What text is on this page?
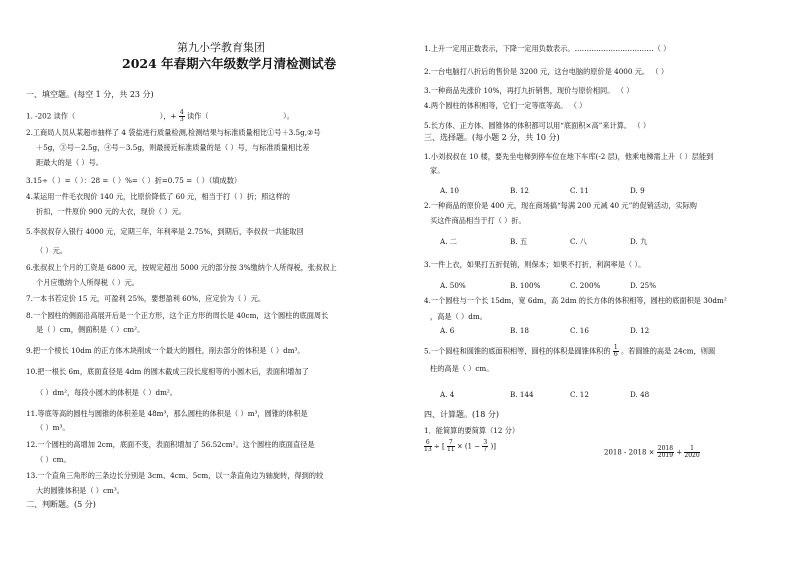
第九小学教育集团
2024 年春期六年级数学月清检测试卷
一、填空题。(每空 1 分，共 23 分)
1. -202 读作（	），+ $\frac{4}{3}$ 读作（	）。
2.工商局人员从某超市抽样了 4 袋盐进行质量检测,检测结果与标准质量相比①号＋3.5g,②号
＋5g，③号－2.5g，④号－3.5g，则最接近标准质量的是（ ）号，与标准质量相比差
距最大的是（ ）号。
3.15÷（ ）=（ ）：28 =（ ）%=（ ）折=0.75 =（ ）（填成数）
4.某运用一件毛衣现价 140 元，比原价降低了 60 元，相当于打（ ）折；照这样的
折扣，一件原价 900 元的大衣，现价（ ）元。
5.李叔叔存入银行 4000 元，定期三年，年利率是 2.75%，到期后，李叔叔一共能取回
（ ）元。
6.张叔叔上个月的工资是 6800 元，按规定超出 5000 元的部分按 3%缴纳个人所得税，张叔叔上
个月应缴纳个人所得税（ ）元。
7.一本书若定价 15 元，可盈利 25%，要想盈利 60%，应定价为（ ）元。
8.一个圆柱的侧面沿高展开后是一个正方形，这个正方形的周长是 40cm，这个圆柱的底面周长
是（ ）cm，侧面积是（ ）cm²。
9.把一个棱长 10dm 的正方体木块削成一个最大的圆柱，削去部分的体积是（ ）dm³。
10.把一根长 6m，底面直径是 4dm 的圆木截成三段长度相等的小圆木后，表面积增加了
（ ）dm²，每段小圆木的体积是（ ）dm²。
11.等底等高的圆柱与圆锥的体积差是 48m³，那么圆柱的体积是（ ）m³，圆锥的体积是
（ ）m³。
12.一个圆柱的高增加 2cm，底面不变，表面积增加了 56.52cm²。这个圆柱的底面直径是
（ ）cm。
13.一个直角三角形的三条边长分别是 3cm、4cm、5cm，以一条直角边为轴旋转，得到的较
大的圆锥体积是（ ）cm³。
二、判断题。(5 分)
1.上升一定用正数表示，下降一定用负数表示。……………………………（ ）
2.一台电脑打八折后的售价是 3200 元，这台电脑的原价是 4000 元。 （ ）
3.一种商品先涨价 10%，再打九折销售，现价与原价相同。 （ ）
4.两个圆柱的体积相等，它们一定等底等高。 （ ）
5.长方体、正方体、圆锥体的体积都可以用“底面积×高”来计算。 （ ）
三、选择题。(每小题 2 分，共 10 分)
1.小刘叔叔在 10 楼，要先坐电梯到停车位在地下车库(-2 层)，他乘电梯需上升（ ）层能到
家。
A. 10	B. 12	C. 11	D. 9
2.一种商品的原价是 400 元，现在商场搞“每满 200 元减 40 元”的促销活动，实际购
买这件商品相当于打（ ）折。
A. 二	B. 五	C. 八	D. 九
3.一件上衣，如果打五折促销，则保本；如果不打折，利润率是（ ）。
A. 50%	B. 100%	C. 200%	D. 25%
4.一个圆柱与一个长 15dm，宽 6dm，高 2dm 的长方体的体积相等，圆柱的底面积是 30dm²
，高是（ ）dm。
A. 6	B. 18	C. 16	D. 12
5.一个圆柱和圆锥的底面积相等，圆柱的体积是圆锥体积的 $\frac{1}{6}$ 。若圆锥的高是 24cm，则圆
柱的高是（ ）cm。
A. 4	B. 144	C. 12	D. 48
四、计算题。(18 分)
1．能简算的要简算（12 分）
$\frac{6}{13}$ ÷ [ $\frac{7}{11} \times (1 - \frac{3}{7}$ )]
$2018 - 2018 \times \frac{2018}{2019} + \frac{1}{2020}$
